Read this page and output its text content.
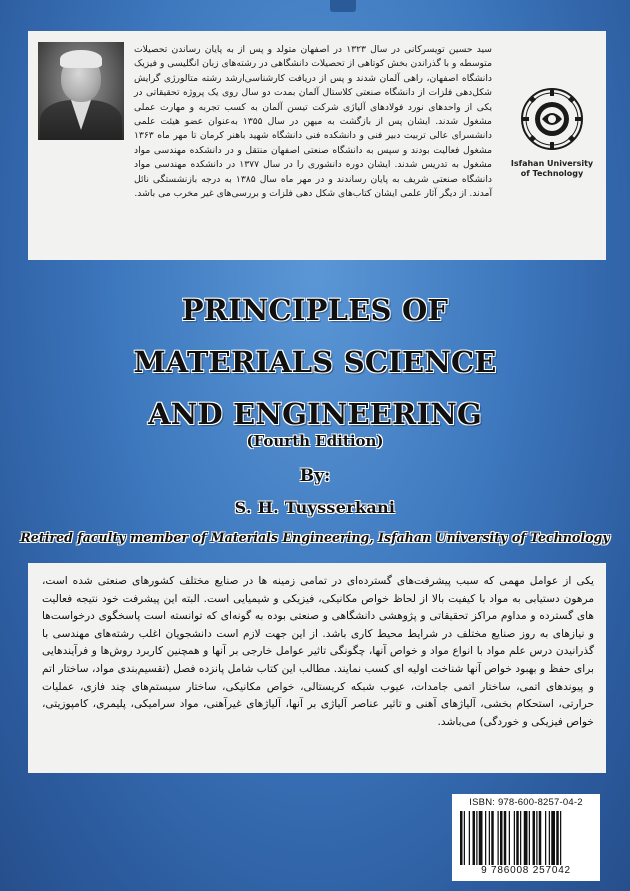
سید حسین تویسرکانی در سال ۱۳۲۳ در اصفهان متولد و پس از به پایان رساندن تحصیلات متوسطه و با گذراندن بخش کوتاهی از تحصیلات دانشگاهی در رشته‌های زبان انگلیسی و فیزیک دانشگاه اصفهان، راهی آلمان شدند و پس از دریافت کارشناسی‌ارشد رشته متالورژی گرایش شکل‌دهی فلزات از دانشگاه صنعتی کلاستال آلمان بمدت دو سال روی یک پروژه تحقیقاتی در یکی از واحدهای نورد فولادهای آلیاژی شرکت تیسن آلمان به کسب تجربه و مهارت عملی مشغول شدند. ایشان پس از بازگشت به میهن در سال ۱۳۵۵ به‌عنوان عضو هیئت علمی دانشسرای عالی تربیت دبیر فنی و دانشکده فنی دانشگاه شهید باهنر کرمان تا مهر ماه ۱۳۶۳ مشغول فعالیت بودند و سپس به دانشگاه صنعتی اصفهان منتقل و در دانشکده مهندسی مواد مشغول به تدریس شدند. ایشان دوره دانشوری را در سال ۱۳۷۷ در دانشکده مهندسی مواد دانشگاه صنعتی شریف به پایان رساندند و در مهر ماه سال ۱۳۸۵ به درجه بازنشستگی نائل آمدند. از دیگر آثار علمی ایشان کتاب‌های شکل دهی فلزات و بررسی‌های غیر مخرب می باشد.

Isfahan University
of Technology
PRINCIPLES OF
MATERIALS SCIENCE
AND ENGINEERING
(Fourth Edition)
By:
S. H. Tuysserkani
Retired faculty member of Materials Engineering, Isfahan University of Technology

یکی از عوامل مهمی که سبب پیشرفت‌های گسترده‌ای در تمامی زمینه ها در صنایع مختلف کشورهای صنعتی شده است، مرهون دستیابی به مواد با کیفیت بالا از لحاظ خواص مکانیکی، فیزیکی و شیمیایی است. البته این پیشرفت خود نتیجه فعالیت های گسترده و مداوم مراکز تحقیقاتی و پژوهشی دانشگاهی و صنعتی بوده به گونه‌ای که توانسته است پاسخگوی درخواست‌ها و نیازهای به روز صنایع مختلف در شرایط محیط کاری باشد. از این جهت لازم است دانشجویان اغلب رشته‌های مهندسی با گذرانیدن درس علم مواد با انواع مواد و خواص آنها، چگونگی تاثیر عوامل خارجی بر آنها و همچنین کاربرد روش‌ها و فرآیندهایی برای حفظ و بهبود خواص آنها شناخت اولیه ای کسب نمایند. مطالب این کتاب شامل پانزده فصل (تقسیم‌بندی مواد، ساختار اتم و پیوندهای اتمی، ساختار اتمی جامدات، عیوب شبکه کریستالی، خواص مکانیکی، ساختار سیستم‌های چند فازی، عملیات حرارتی، استحکام بخشی، آلیاژهای آهنی و تاثیر عناصر آلیاژی بر آنها، آلیاژهای غیرآهنی، مواد سرامیکی، پلیمری، کامپوزیتی، خواص فیزیکی و خوردگی) می‌باشد.

ISBN: 978-600-8257-04-2
9 786008 257042
